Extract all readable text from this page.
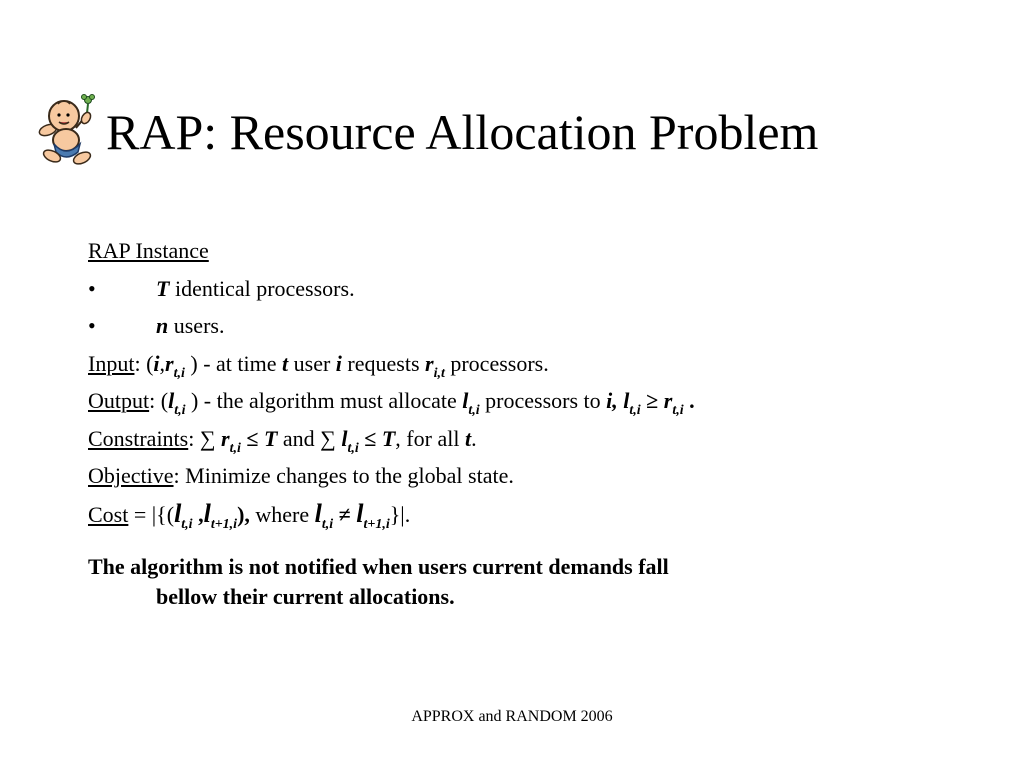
RAP: Resource Allocation Problem
RAP Instance
•	T identical processors.
•	n users.
Input: ($i,r_{t,i}$ ) - at time t user i requests $r_{i,t}$ processors.
Output: ($l_{t,i}$ ) - the algorithm must allocate $l_{t,i}$ processors to i, $l_{t,i} \ge r_{t,i}$ .
Constraints: ∑ $r_{t,i} \le T$ and ∑ $l_{t,i} \le T$, for all t.
Objective: Minimize changes to the global state.
Cost = $|\{(l_{t,i}$ $,l_{t+1,i}$), where $l_{t,i} \ne l_{t+1,i}\}|$.
The algorithm is not notified when users current demands fall
bellow their current allocations.
APPROX and RANDOM 2006
